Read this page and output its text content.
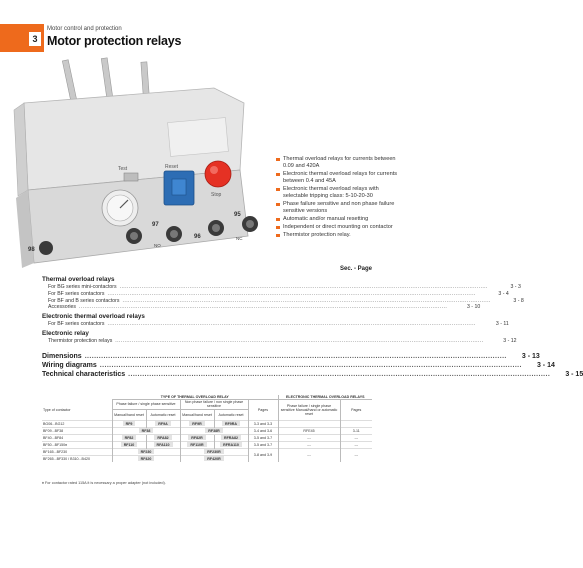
3
Motor control and protection
Motor protection relays
Test	Reset
Stop
98
97
NO
96
95
NC
Thermal overload relays for currents between 0.09 and 420A
Electronic thermal overload relays for currents between 0.4 and 45A
Electronic thermal overload relays with selectable tripping class: 5-10-20-30
Phase failure sensitive and non phase failure sensitive versions
Automatic and/or manual resetting
Independent or direct mounting on contactor
Thermistor protection relay.
Sec. - Page
Thermal overload relays
For BG series mini-contactors ........................................................................................................................................................................................................	3 - 3
For BF series contactors ........................................................................................................................................................................................................	3 - 4
For BF and B series contactors ........................................................................................................................................................................................................	3 - 8
Accessories ........................................................................................................................................................................................................	3 - 10
Electronic thermal overload relays
For BF series contactors ........................................................................................................................................................................................................	3 - 11
Electronic relay
Thermistor protection relays ........................................................................................................................................................................................................	3 - 12
Dimensions ....................................................................................................................................................................................	3 - 13
Wiring diagrams ....................................................................................................................................................................................	3 - 14
Technical characteristics ....................................................................................................................................................................................	3 - 15
	TYPE OF THERMAL OVERLOAD RELAY					ELECTRONIC THERMAL OVERLOAD RELAYS	
Type of contactor	Phase failure / single phase sensitive		Non phase failure / non single phase sensitive		Pages	Phase failure / single phase sensitive Manual/hand or automatic reset	Pages
	Manual/hand reset	Automatic reset	Manual/hand reset	Automatic reset			
BG06...BG12	RF9	RF9A	RF9R	RF9RA	3-3 and 3-3		
BF09...BF38	RF38		RF38R		3-4 and 3-6	RFE45	3-11
BF40...BF84	RF82	RFA82	RF82R	RFRA82	3-5 and 3-7	---	---
BF50...BF150♦	RF110	RFA110	RF110R	RFRA110	3-5 and 3-7	---	---
BF165...BF230	RF230		RF230R		3-8 and 3-9	---	---
BF265...BF330 / B310...B420	RF420		RF420R				
♦ For contactor rated 115A it is necessary a proper adapter (not included).
